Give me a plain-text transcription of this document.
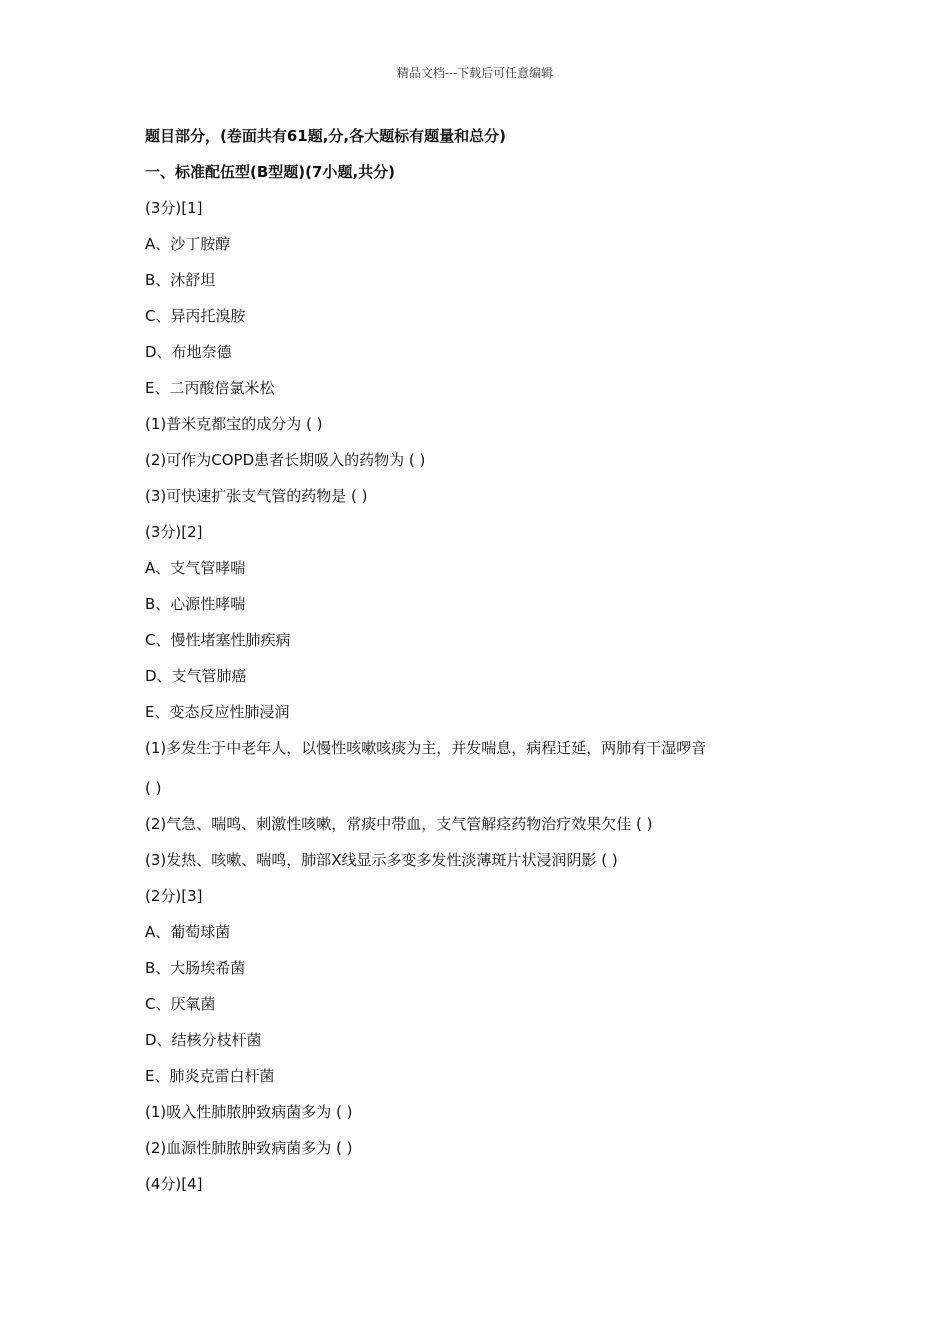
精品文档---下载后可任意编辑
题目部分，(卷面共有61题,分,各大题标有题量和总分)
一、标准配伍型(B型题)(7小题,共分)
(3分)[1]
A、沙丁胺醇
B、沐舒坦
C、异丙托溴胺
D、布地奈德
E、二丙酸倍氯米松
(1)普米克都宝的成分为 ( )
(2)可作为COPD患者长期吸入的药物为 ( )
(3)可快速扩张支气管的药物是 ( )
(3分)[2]
A、支气管哮喘
B、心源性哮喘
C、慢性堵塞性肺疾病
D、支气管肺癌
E、变态反应性肺浸润
(1)多发生于中老年人，以慢性咳嗽咳痰为主，并发喘息，病程迁延，两肺有干湿啰音
( )
(2)气急、喘鸣、刺激性咳嗽，常痰中带血，支气管解痉药物治疗效果欠佳 ( )
(3)发热、咳嗽、喘鸣，肺部X线显示多变多发性淡薄斑片状浸润阴影 ( )
(2分)[3]
A、葡萄球菌
B、大肠埃希菌
C、厌氧菌
D、结核分枝杆菌
E、肺炎克雷白杆菌
(1)吸入性肺脓肿致病菌多为 ( )
(2)血源性肺脓肿致病菌多为 ( )
(4分)[4]
